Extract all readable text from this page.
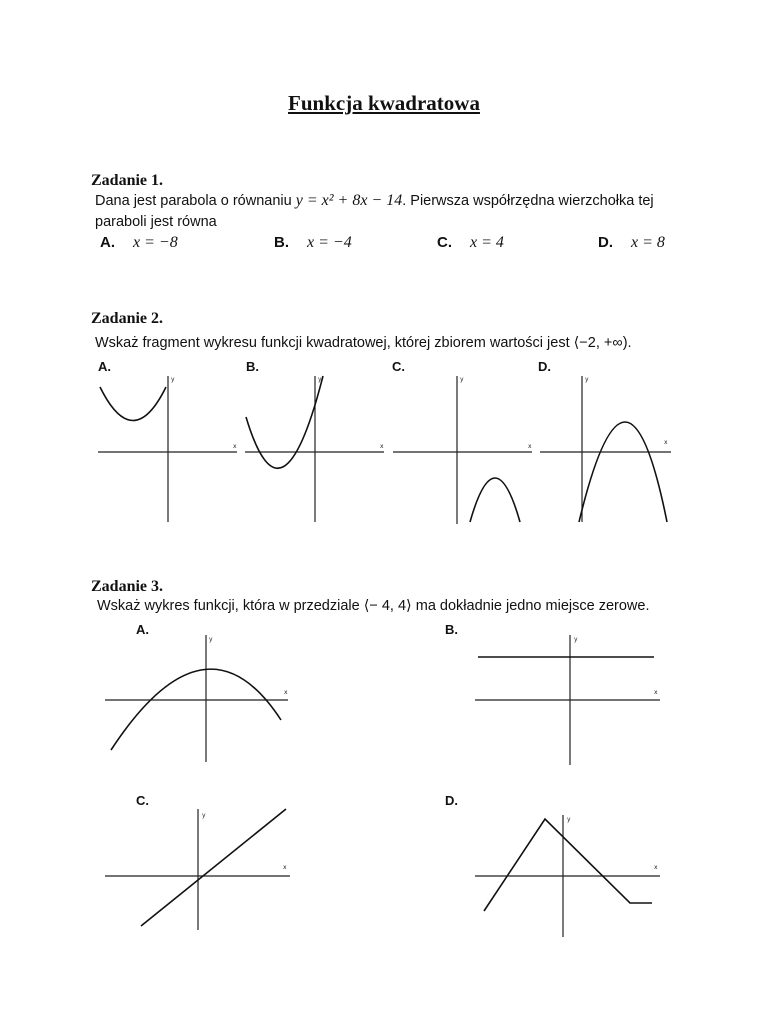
Funkcja kwadratowa
Zadanie 1.
Dana jest parabola o równaniu y = x² + 8x − 14. Pierwsza współrzędna wierzchołka tej
paraboli jest równa
A. x = −8	B. x = −4	C. x = 4	D. x = 8
Zadanie 2.
Wskaż fragment wykresu funkcji kwadratowej, której zbiorem wartości jest ⟨−2, +∞).
A.	B.	C.	D.
x
y
x
y
x
y
x
y
Zadanie 3.
Wskaż wykres funkcji, która w przedziale ⟨− 4, 4⟩ ma dokładnie jedno miejsce zerowe.
A.	B.
C.	D.
x
y
x
y
x
y
x
y
